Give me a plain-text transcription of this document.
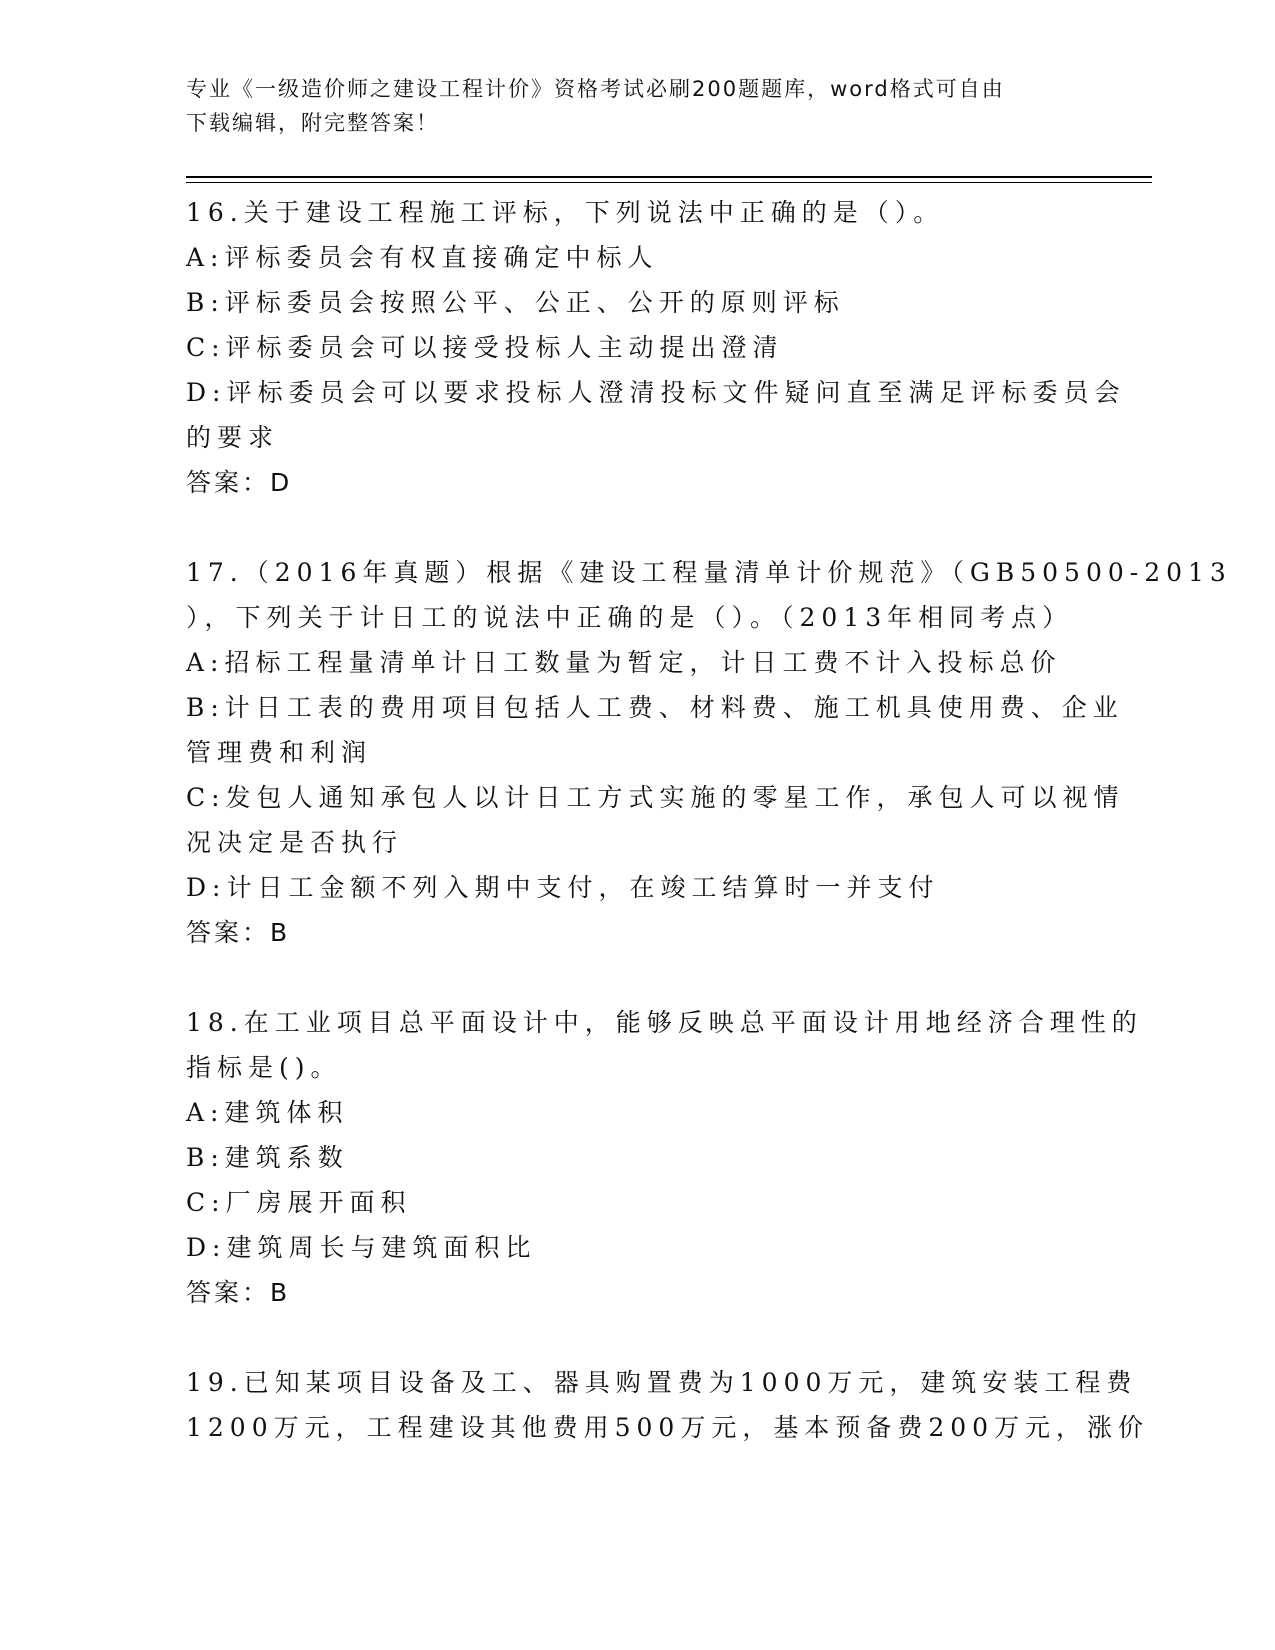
专业《一级造价师之建设工程计价》资格考试必刷200题题库，word格式可自由
下载编辑，附完整答案！
16.关于建设工程施工评标，下列说法中正确的是（）。
A:评标委员会有权直接确定中标人
B:评标委员会按照公平、公正、公开的原则评标
C:评标委员会可以接受投标人主动提出澄清
D:评标委员会可以要求投标人澄清投标文件疑问直至满足评标委员会
的要求
答案：D
17.（2016年真题）根据《建设工程量清单计价规范》（GB50500-2013
），下列关于计日工的说法中正确的是（）。（2013年相同考点）
A:招标工程量清单计日工数量为暂定，计日工费不计入投标总价
B:计日工表的费用项目包括人工费、材料费、施工机具使用费、企业
管理费和利润
C:发包人通知承包人以计日工方式实施的零星工作，承包人可以视情
况决定是否执行
D:计日工金额不列入期中支付，在竣工结算时一并支付
答案：B
18.在工业项目总平面设计中，能够反映总平面设计用地经济合理性的
指标是()。
A:建筑体积
B:建筑系数
C:厂房展开面积
D:建筑周长与建筑面积比
答案：B
19.已知某项目设备及工、器具购置费为1000万元，建筑安装工程费
1200万元，工程建设其他费用500万元，基本预备费200万元，涨价
